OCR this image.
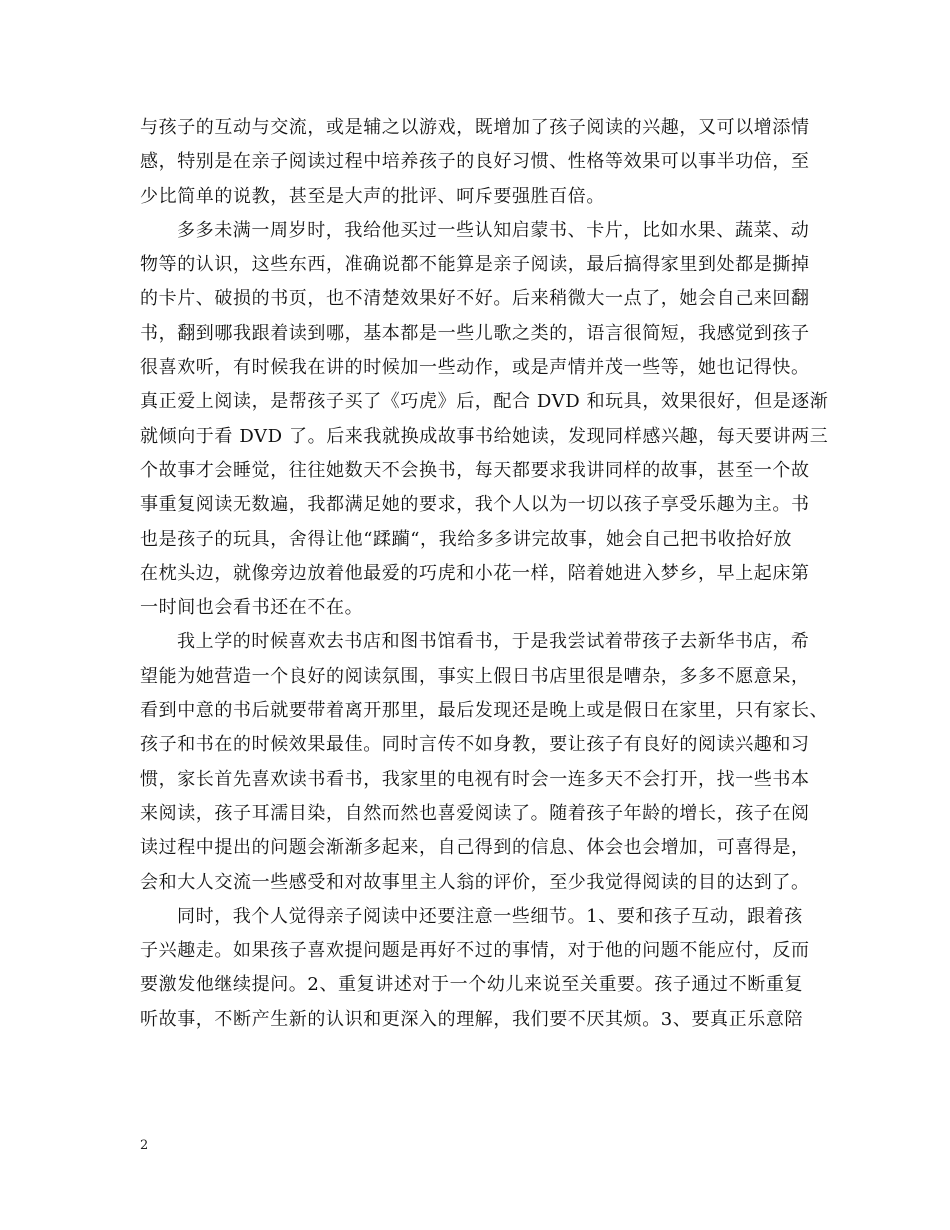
与孩子的互动与交流，或是辅之以游戏，既增加了孩子阅读的兴趣，又可以增添情
感，特别是在亲子阅读过程中培养孩子的良好习惯、性格等效果可以事半功倍，至
少比简单的说教，甚至是大声的批评、呵斥要强胜百倍。
多多未满一周岁时，我给他买过一些认知启蒙书、卡片，比如水果、蔬菜、动
物等的认识，这些东西，准确说都不能算是亲子阅读，最后搞得家里到处都是撕掉
的卡片、破损的书页，也不清楚效果好不好。后来稍微大一点了，她会自己来回翻
书，翻到哪我跟着读到哪，基本都是一些儿歌之类的，语言很简短，我感觉到孩子
很喜欢听，有时候我在讲的时候加一些动作，或是声情并茂一些等，她也记得快。
真正爱上阅读，是帮孩子买了《巧虎》后，配合 DVD 和玩具，效果很好，但是逐渐
就倾向于看 DVD 了。后来我就换成故事书给她读，发现同样感兴趣，每天要讲两三
个故事才会睡觉，往往她数天不会换书，每天都要求我讲同样的故事，甚至一个故
事重复阅读无数遍，我都满足她的要求，我个人以为一切以孩子享受乐趣为主。书
也是孩子的玩具，舍得让他“蹂躏“，我给多多讲完故事，她会自己把书收拾好放
在枕头边，就像旁边放着他最爱的巧虎和小花一样，陪着她进入梦乡，早上起床第
一时间也会看书还在不在。
我上学的时候喜欢去书店和图书馆看书，于是我尝试着带孩子去新华书店，希
望能为她营造一个良好的阅读氛围，事实上假日书店里很是嘈杂，多多不愿意呆，
看到中意的书后就要带着离开那里，最后发现还是晚上或是假日在家里，只有家长、
孩子和书在的时候效果最佳。同时言传不如身教，要让孩子有良好的阅读兴趣和习
惯，家长首先喜欢读书看书，我家里的电视有时会一连多天不会打开，找一些书本
来阅读，孩子耳濡目染，自然而然也喜爱阅读了。随着孩子年龄的增长，孩子在阅
读过程中提出的问题会渐渐多起来，自己得到的信息、体会也会增加，可喜得是，
会和大人交流一些感受和对故事里主人翁的评价，至少我觉得阅读的目的达到了。
同时，我个人觉得亲子阅读中还要注意一些细节。1、要和孩子互动，跟着孩
子兴趣走。如果孩子喜欢提问题是再好不过的事情，对于他的问题不能应付，反而
要激发他继续提问。2、重复讲述对于一个幼儿来说至关重要。孩子通过不断重复
听故事，不断产生新的认识和更深入的理解，我们要不厌其烦。3、要真正乐意陪
2
